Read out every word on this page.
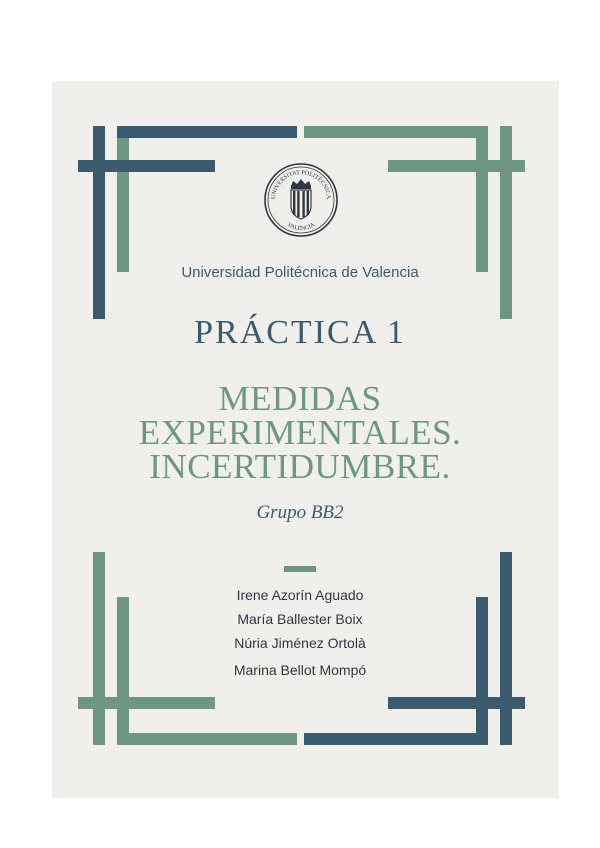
UNIVERSITAT POLITÈCNICA
VALÈNCIA
Universidad Politécnica de Valencia
PRÁCTICA 1
MEDIDAS
EXPERIMENTALES.
INCERTIDUMBRE.
Grupo BB2
Irene Azorín Aguado
María Ballester Boix
Núria Jiménez Ortolà
Marina Bellot Mompó
